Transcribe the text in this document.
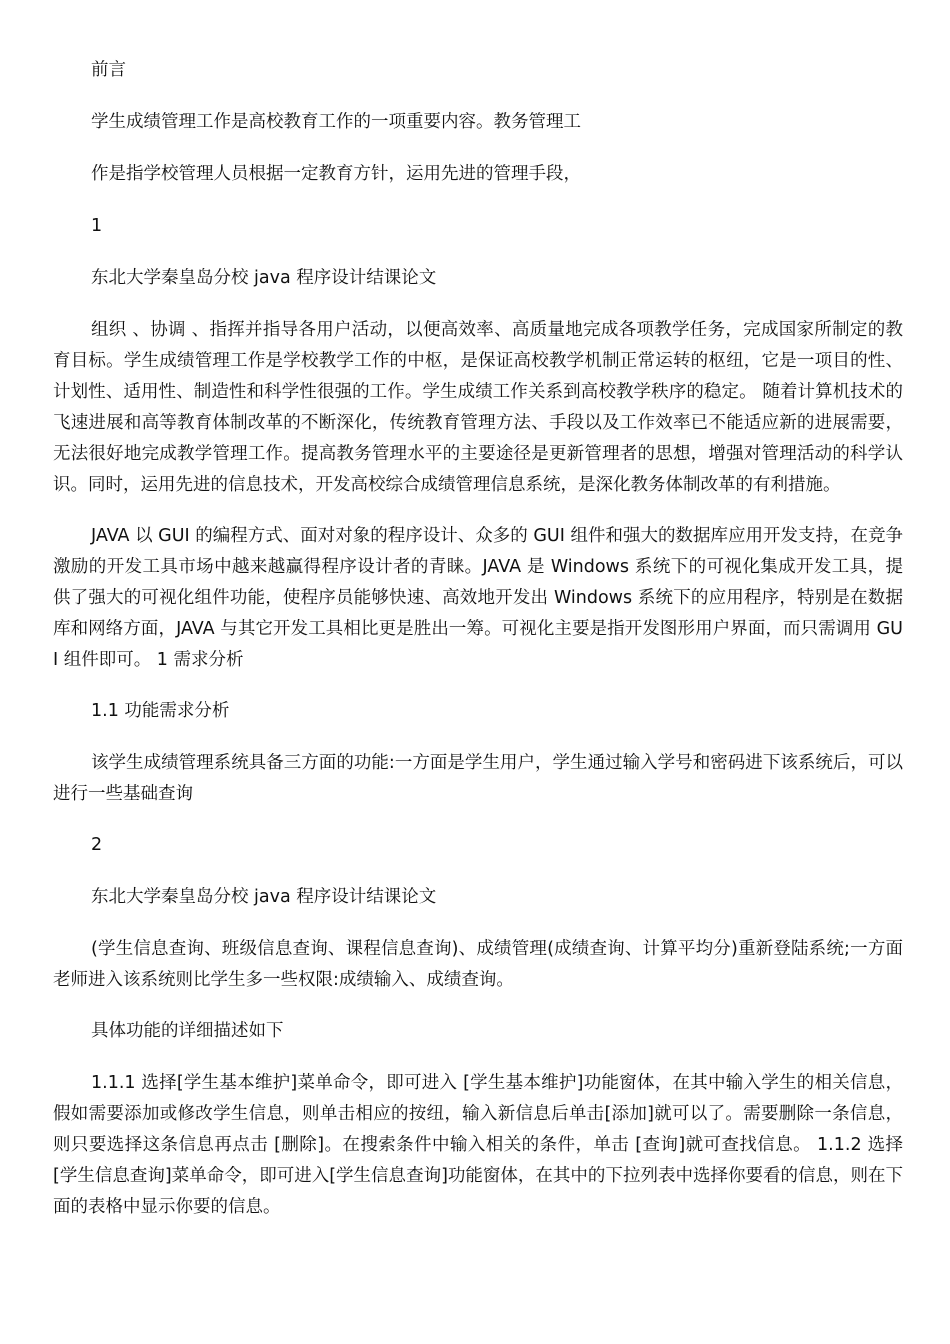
前言

学生成绩管理工作是高校教育工作的一项重要内容。教务管理工

作是指学校管理人员根据一定教育方针，运用先进的管理手段，

1

东北大学秦皇岛分校 java 程序设计结课论文

组织 、协调 、指挥并指导各用户活动，以便高效率、高质量地完成各项教学任务，完成国家所制定的教育目标。学生成绩管理工作是学校教学工作的中枢，是保证高校教学机制正常运转的枢纽，它是一项目的性、计划性、适用性、制造性和科学性很强的工作。学生成绩工作关系到高校教学秩序的稳定。 随着计算机技术的飞速进展和高等教育体制改革的不断深化，传统教育管理方法、手段以及工作效率已不能适应新的进展需要，无法很好地完成教学管理工作。提高教务管理水平的主要途径是更新管理者的思想，增强对管理活动的科学认识。同时，运用先进的信息技术，开发高校综合成绩管理信息系统，是深化教务体制改革的有利措施。

JAVA 以 GUI 的编程方式、面对对象的程序设计、众多的 GUI 组件和强大的数据库应用开发支持，在竞争激励的开发工具市场中越来越赢得程序设计者的青睐。JAVA 是 Windows 系统下的可视化集成开发工具，提供了强大的可视化组件功能，使程序员能够快速、高效地开发出 Windows 系统下的应用程序，特别是在数据库和网络方面，JAVA 与其它开发工具相比更是胜出一筹。可视化主要是指开发图形用户界面，而只需调用 GUI 组件即可。 1 需求分析

1.1 功能需求分析

该学生成绩管理系统具备三方面的功能:一方面是学生用户，学生通过输入学号和密码进下该系统后，可以进行一些基础查询

2

东北大学秦皇岛分校 java 程序设计结课论文

(学生信息查询、班级信息查询、课程信息查询)、成绩管理(成绩查询、计算平均分)重新登陆系统;一方面老师进入该系统则比学生多一些权限:成绩输入、成绩查询。

具体功能的详细描述如下

1.1.1 选择[学生基本维护]菜单命令，即可进入 [学生基本维护]功能窗体，在其中输入学生的相关信息，假如需要添加或修改学生信息，则单击相应的按纽，输入新信息后单击[添加]就可以了。需要删除一条信息，则只要选择这条信息再点击 [删除]。在搜索条件中输入相关的条件，单击 [查询]就可查找信息。 1.1.2 选择[学生信息查询]菜单命令，即可进入[学生信息查询]功能窗体，在其中的下拉列表中选择你要看的信息，则在下面的表格中显示你要的信息。
